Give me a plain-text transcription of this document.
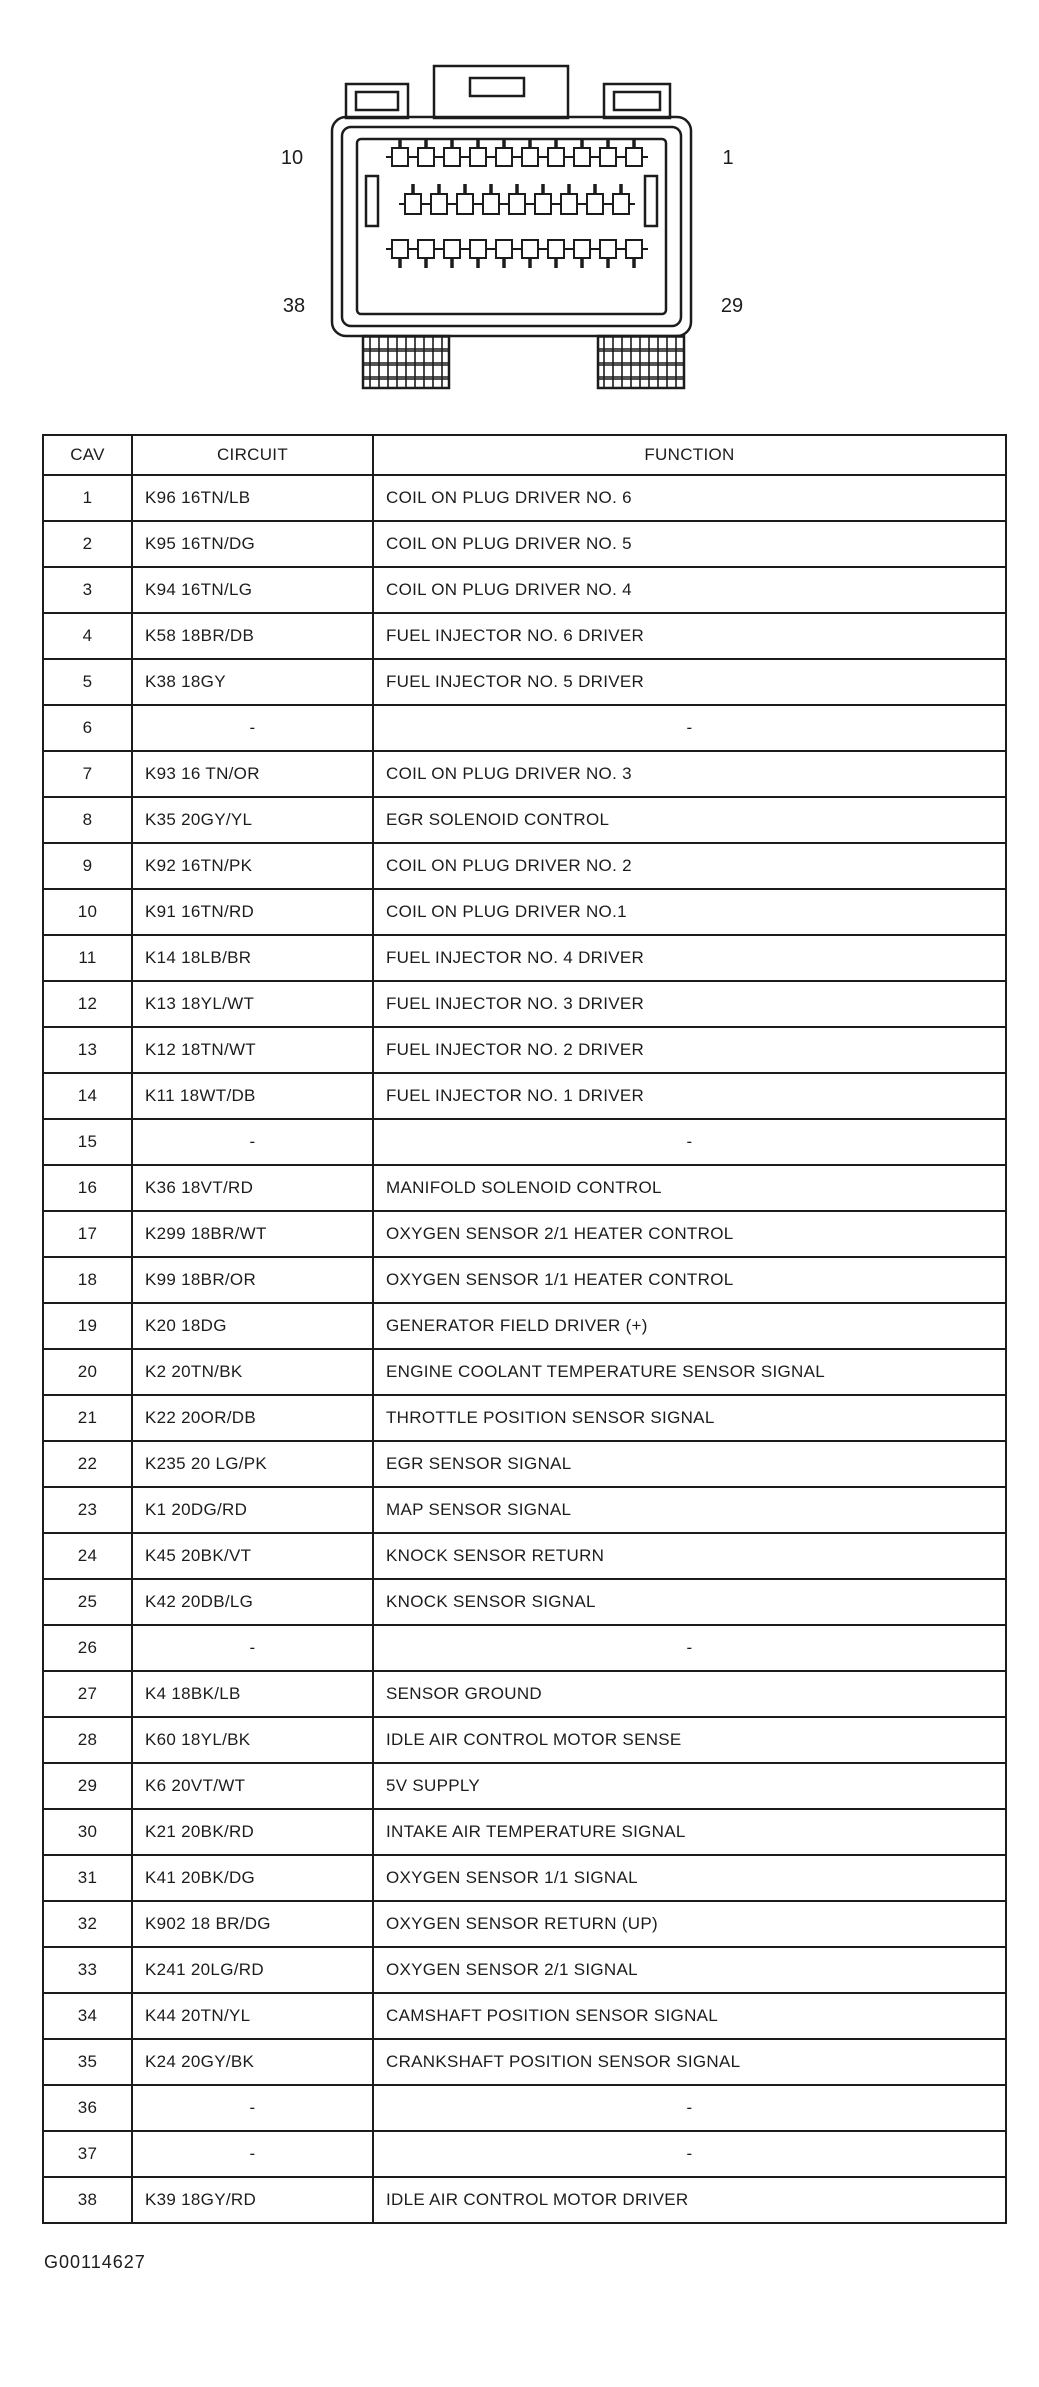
10	1
38	29
CAV	CIRCUIT	FUNCTION
1	K96 16TN/LB	COIL ON PLUG DRIVER NO. 6
2	K95 16TN/DG	COIL ON PLUG DRIVER NO. 5
3	K94 16TN/LG	COIL ON PLUG DRIVER NO. 4
4	K58 18BR/DB	FUEL INJECTOR NO. 6 DRIVER
5	K38 18GY	FUEL INJECTOR NO. 5 DRIVER
6	-	-
7	K93 16 TN/OR	COIL ON PLUG DRIVER NO. 3
8	K35 20GY/YL	EGR SOLENOID CONTROL
9	K92 16TN/PK	COIL ON PLUG DRIVER NO. 2
10	K91 16TN/RD	COIL ON PLUG DRIVER NO.1
11	K14 18LB/BR	FUEL INJECTOR NO. 4 DRIVER
12	K13 18YL/WT	FUEL INJECTOR NO. 3 DRIVER
13	K12 18TN/WT	FUEL INJECTOR NO. 2 DRIVER
14	K11 18WT/DB	FUEL INJECTOR NO. 1 DRIVER
15	-	-
16	K36 18VT/RD	MANIFOLD SOLENOID CONTROL
17	K299 18BR/WT	OXYGEN SENSOR 2/1 HEATER CONTROL
18	K99 18BR/OR	OXYGEN SENSOR 1/1 HEATER CONTROL
19	K20 18DG	GENERATOR FIELD DRIVER (+)
20	K2 20TN/BK	ENGINE COOLANT TEMPERATURE SENSOR SIGNAL
21	K22 20OR/DB	THROTTLE POSITION SENSOR SIGNAL
22	K235 20 LG/PK	EGR SENSOR SIGNAL
23	K1 20DG/RD	MAP SENSOR SIGNAL
24	K45 20BK/VT	KNOCK SENSOR RETURN
25	K42 20DB/LG	KNOCK SENSOR SIGNAL
26	-	-
27	K4 18BK/LB	SENSOR GROUND
28	K60 18YL/BK	IDLE AIR CONTROL MOTOR SENSE
29	K6 20VT/WT	5V SUPPLY
30	K21 20BK/RD	INTAKE AIR TEMPERATURE SIGNAL
31	K41 20BK/DG	OXYGEN SENSOR 1/1 SIGNAL
32	K902 18 BR/DG	OXYGEN SENSOR RETURN (UP)
33	K241 20LG/RD	OXYGEN SENSOR 2/1 SIGNAL
34	K44 20TN/YL	CAMSHAFT POSITION SENSOR SIGNAL
35	K24 20GY/BK	CRANKSHAFT POSITION SENSOR SIGNAL
36	-	-
37	-	-
38	K39 18GY/RD	IDLE AIR CONTROL MOTOR DRIVER
G00114627
